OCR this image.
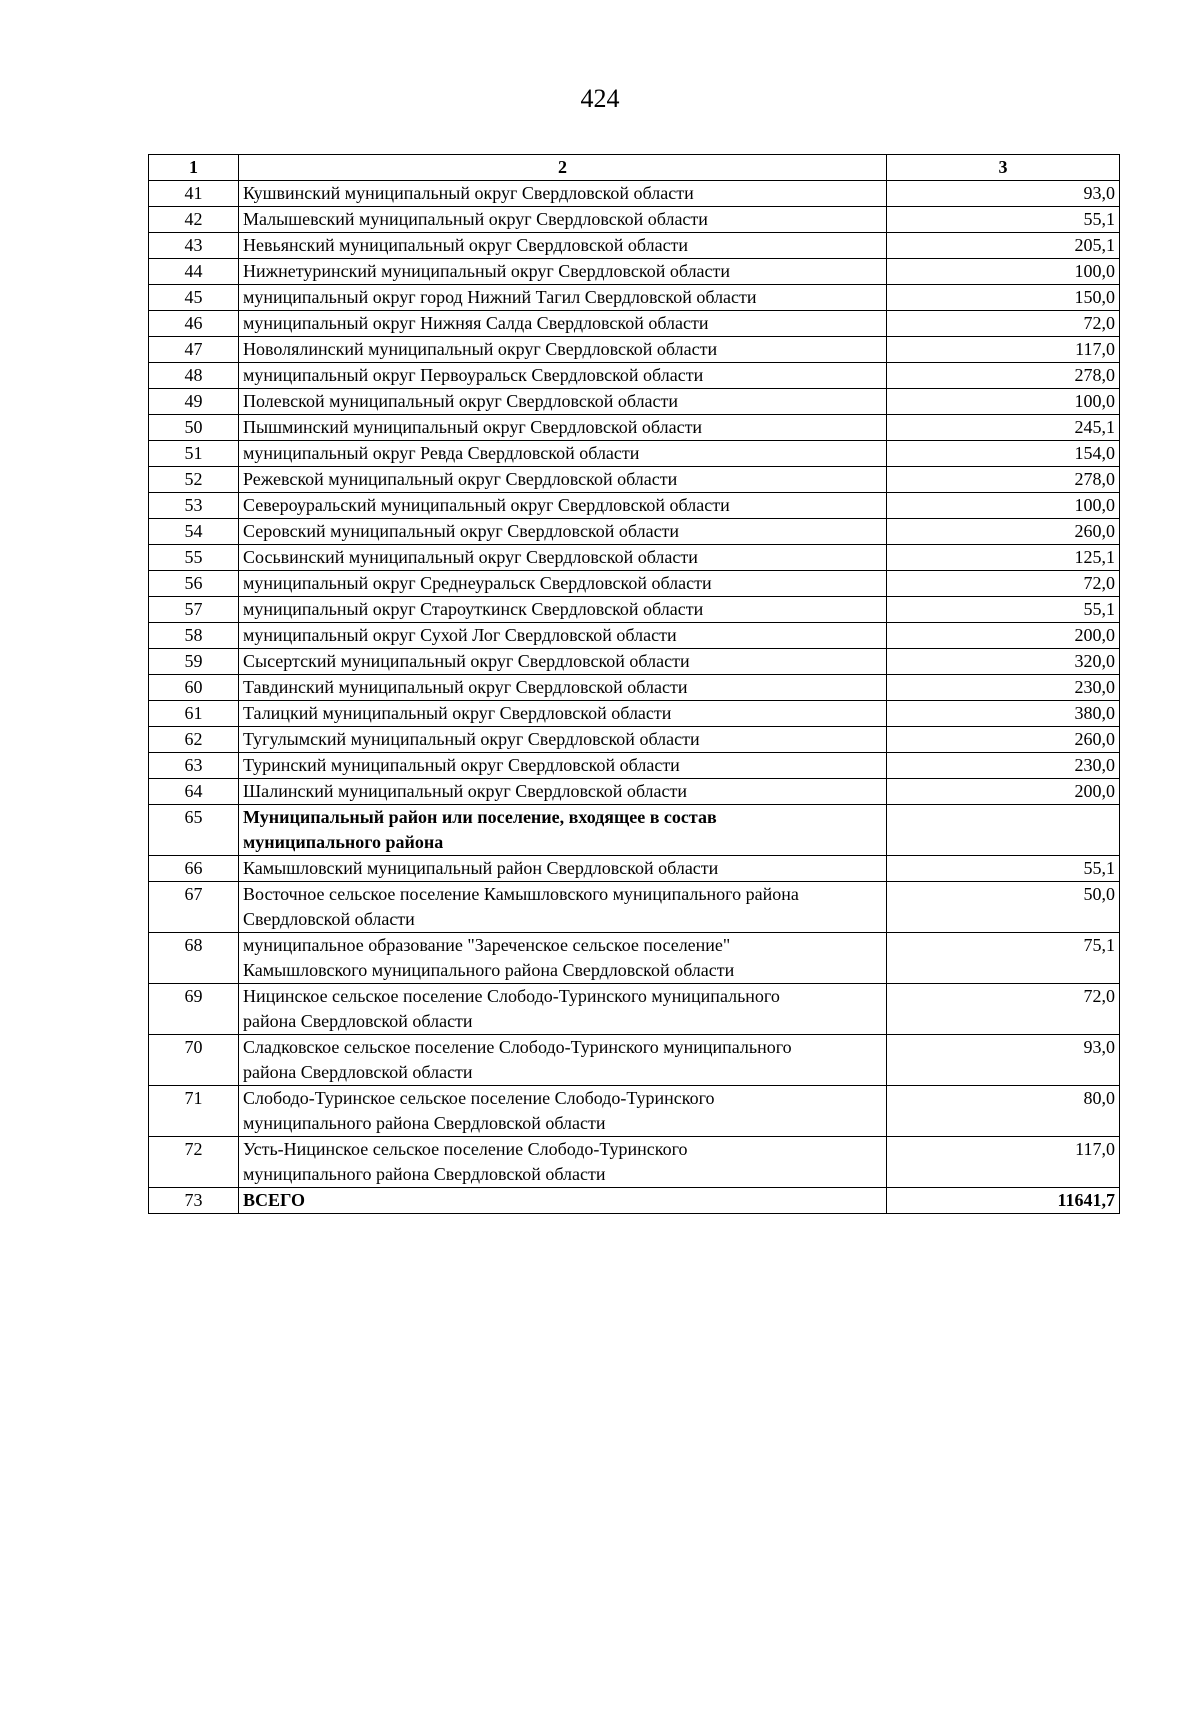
424
1	2	3
41	Кушвинский муниципальный округ Свердловской области	93,0
42	Малышевский муниципальный округ Свердловской области	55,1
43	Невьянский муниципальный округ Свердловской области	205,1
44	Нижнетуринский муниципальный округ Свердловской области	100,0
45	муниципальный округ город Нижний Тагил Свердловской области	150,0
46	муниципальный округ Нижняя Салда Свердловской области	72,0
47	Новолялинский муниципальный округ Свердловской области	117,0
48	муниципальный округ Первоуральск Свердловской области	278,0
49	Полевской муниципальный округ Свердловской области	100,0
50	Пышминский муниципальный округ Свердловской области	245,1
51	муниципальный округ Ревда Свердловской области	154,0
52	Режевской муниципальный округ Свердловской области	278,0
53	Североуральский муниципальный округ Свердловской области	100,0
54	Серовский муниципальный округ Свердловской области	260,0
55	Сосьвинский муниципальный округ Свердловской области	125,1
56	муниципальный округ Среднеуральск Свердловской области	72,0
57	муниципальный округ Староуткинск Свердловской области	55,1
58	муниципальный округ Сухой Лог Свердловской области	200,0
59	Сысертский муниципальный округ Свердловской области	320,0
60	Тавдинский муниципальный округ Свердловской области	230,0
61	Талицкий муниципальный округ Свердловской области	380,0
62	Тугулымский муниципальный округ Свердловской области	260,0
63	Туринский муниципальный округ Свердловской области	230,0
64	Шалинский муниципальный округ Свердловской области	200,0
65	Муниципальный район или поселение, входящее в состав
муниципального района	

66	Камышловский муниципальный район Свердловской области	55,1
67	Восточное сельское поселение Камышловского муниципального района
Свердловской области	50,0
68	муниципальное образование "Зареченское сельское поселение"
Камышловского муниципального района Свердловской области	75,1
69	Ницинское сельское поселение Слободо-Туринского муниципального
района Свердловской области	72,0
70	Сладковское сельское поселение Слободо-Туринского муниципального
района Свердловской области	93,0
71	Слободо-Туринское сельское поселение Слободо-Туринского
муниципального района Свердловской области	80,0
72	Усть-Ницинское сельское поселение Слободо-Туринского
муниципального района Свердловской области	117,0
73	ВСЕГО	11641,7
